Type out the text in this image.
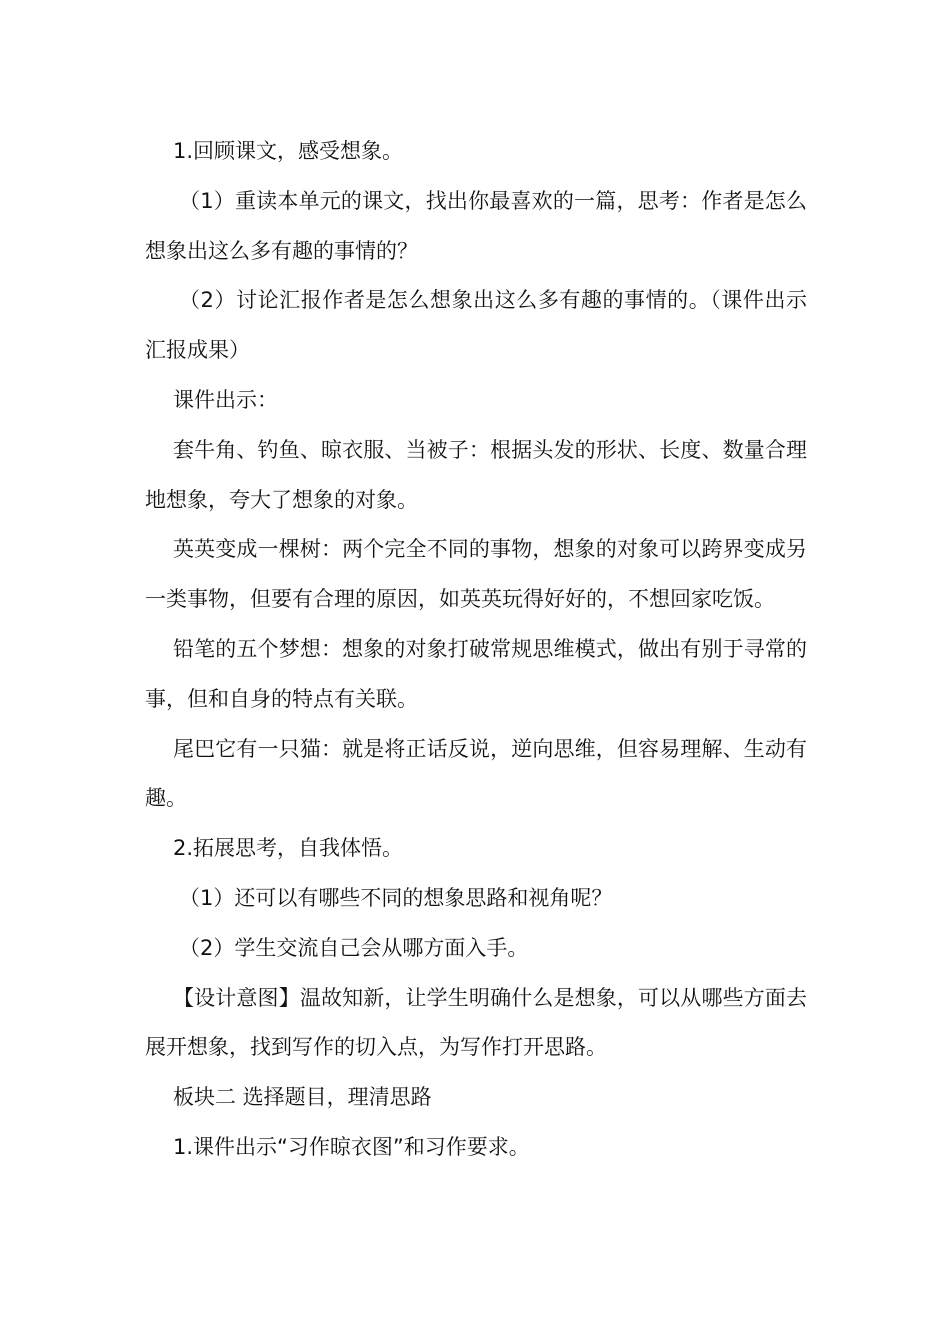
1.回顾课文，感受想象。

（1）重读本单元的课文，找出你最喜欢的一篇，思考：作者是怎么想象出这么多有趣的事情的？

（2）讨论汇报作者是怎么想象出这么多有趣的事情的。（课件出示汇报成果）

课件出示：

套牛角、钓鱼、晾衣服、当被子：根据头发的形状、长度、数量合理地想象，夸大了想象的对象。

英英变成一棵树：两个完全不同的事物，想象的对象可以跨界变成另一类事物，但要有合理的原因，如英英玩得好好的，不想回家吃饭。

铅笔的五个梦想：想象的对象打破常规思维模式，做出有别于寻常的事，但和自身的特点有关联。

尾巴它有一只猫：就是将正话反说，逆向思维，但容易理解、生动有趣。

2.拓展思考，自我体悟。

（1）还可以有哪些不同的想象思路和视角呢？

（2）学生交流自己会从哪方面入手。

【设计意图】温故知新，让学生明确什么是想象，可以从哪些方面去展开想象，找到写作的切入点，为写作打开思路。

板块二 选择题目，理清思路

1.课件出示“习作晾衣图”和习作要求。
